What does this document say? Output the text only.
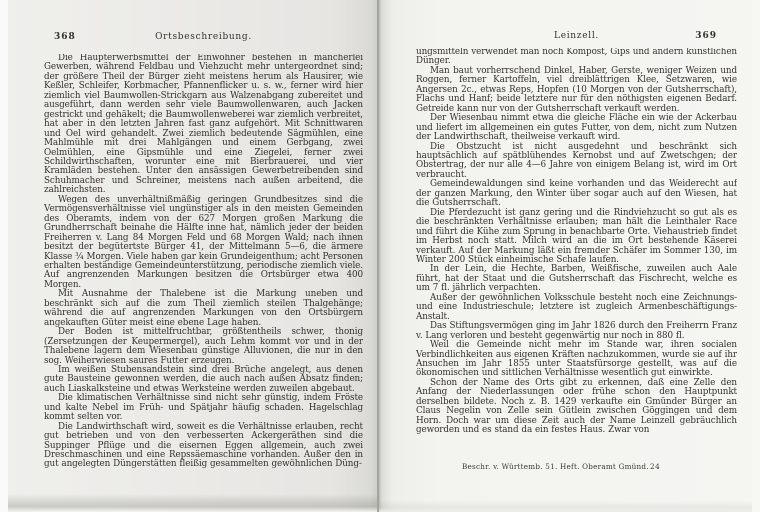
368	Ortsbeschreibung.	Leinzell.	369

Die Haupterwerbsmittel der Einwohner bestehen in mancherlei Gewerben, während Feldbau und Viehzucht mehr untergeordnet sind; der größere Theil der Bürger zieht meistens herum als Hausirer, wie Keßler, Schleifer, Korbmacher, Pfannenflicker u. s. w., ferner wird hier ziemlich viel Baumwollen-Strickgarn aus Walzenabgang zubereitet und ausgeführt, dann werden sehr viele Baumwollenwaren, auch Jacken gestrickt und gehäkelt; die Baumwollenweberei war ziemlich verbreitet, hat aber in den letzten Jahren fast ganz aufgehört. Mit Schnittwaren und Oel wird gehandelt. Zwei ziemlich bedeutende Sägmühlen, eine Mahlmühle mit drei Mahlgängen und einem Gerbgang, zwei Oelmühlen, eine Gipsmühle und eine Ziegelei, ferner zwei Schildwirthschaften, worunter eine mit Bierbrauerei, und vier Kramläden bestehen. Unter den ansässigen Gewerbetreibenden sind Schuhmacher und Schreiner, meistens nach außen arbeitend, die zahlreichsten.

Wegen des unverhältnißmäßig geringen Grundbesitzes sind die Vermögensverhältnisse viel ungünstiger als in den meisten Gemeinden des Oberamts, indem von der 627 Morgen großen Markung die Grundherrschaft beinahe die Hälfte inne hat, nämlich jeder der beiden Freiherren v. Lang 84 Morgen Feld und 68 Morgen Wald; nach ihnen besitzt der begütertste Bürger 41, der Mittelmann 5—6, die ärmere Klasse ¾ Morgen. Viele haben gar kein Grundeigenthum; acht Personen erhalten beständige Gemeindeunterstützung, periodische ziemlich viele. Auf angrenzenden Markungen besitzen die Ortsbürger etwa 400 Morgen.

Mit Ausnahme der Thalebene ist die Markung uneben und beschränkt sich auf die zum Theil ziemlich steilen Thalgehänge; während die auf angrenzenden Markungen von den Ortsbürgern angekauften Güter meist eine ebene Lage haben.

Der Boden ist mittelfruchtbar, größtentheils schwer, thonig (Zersetzungen der Keupermergel), auch Lehm kommt vor und in der Thalebene lagern dem Wiesenbau günstige Alluvionen, die nur in den sog. Weiherwiesen saures Futter erzeugen.

Im weißen Stubensandstein sind drei Brüche angelegt, aus denen gute Bausteine gewonnen werden, die auch nach außen Absatz finden; auch Liaskalksteine und etwas Werksteine werden zuweilen abgebaut.

Die klimatischen Verhältnisse sind nicht sehr günstig, indem Fröste und kalte Nebel im Früh- und Spätjahr häufig schaden. Hagelschlag kommt selten vor.

Die Landwirthschaft wird, soweit es die Verhältnisse erlauben, recht gut betrieben und von den verbesserten Ackergeräthen sind die Suppinger Pflüge und die eisernen Eggen allgemein, auch zwei Dreschmaschinen und eine Repssäemaschine vorhanden. Außer den in gut angelegten Düngerstätten fleißig gesammelten gewöhnlichen Düng-

ungsmitteln verwendet man noch Kompost, Gips und andern künstlichen Dünger.

Man baut vorherrschend Dinkel, Haber, Gerste, weniger Weizen und Roggen, ferner Kartoffeln, viel dreiblättrigen Klee, Setzwaren, wie Angersen 2c., etwas Reps, Hopfen (10 Morgen von der Gutsherrschaft), Flachs und Hanf; beide letztere nur für den nöthigsten eigenen Bedarf. Getreide kann nur von der Gutsherrschaft verkauft werden.

Der Wiesenbau nimmt etwa die gleiche Fläche ein wie der Ackerbau und liefert im allgemeinen ein gutes Futter, von dem, nicht zum Nutzen der Landwirthschaft, theilweise verkauft wird.

Die Obstzucht ist nicht ausgedehnt und beschränkt sich hauptsächlich auf spätblühendes Kernobst und auf Zwetschgen; der Obstertrag, der nur alle 4—6 Jahre von einigem Belang ist, wird im Ort verbraucht.

Gemeindewaldungen sind keine vorhanden und das Weiderecht auf der ganzen Markung, den Winter über sogar auch auf den Wiesen, hat die Gutsherrschaft.

Die Pferdezucht ist ganz gering und die Rindviehzucht so gut als es die beschränkten Verhältnisse erlauben; man hält die Leinthaler Race und führt die Kühe zum Sprung in benachbarte Orte. Viehaustrieb findet im Herbst noch statt. Milch wird an die im Ort bestehende Käserei verkauft. Auf der Markung läßt ein fremder Schäfer im Sommer 130, im Winter 200 Stück einheimische Schafe laufen.

In der Lein, die Hechte, Barben, Weißfische, zuweilen auch Aale führt, hat der Staat und die Gutsherrschaft das Fischrecht, welche es um 7 fl. jährlich verpachten.

Außer der gewöhnlichen Volksschule besteht noch eine Zeichnungs- und eine Industrieschule; letztere ist zugleich Armenbeschäftigungs-Anstalt.

Das Stiftungsvermögen ging im Jahr 1826 durch den Freiherrn Franz v. Lang verloren und besteht gegenwärtig nur noch in 880 fl.

Weil die Gemeinde nicht mehr im Stande war, ihren socialen Verbindlichkeiten aus eigenen Kräften nachzukommen, wurde sie auf ihr Ansuchen im Jahr 1855 unter Staatsfürsorge gestellt, was auf die ökonomischen und sittlichen Verhältnisse wesentlich gut einwirkte.

Schon der Name des Orts gibt zu erkennen, daß eine Zelle den Anfang der Niederlassungen oder frühe schon den Hauptpunkt derselben bildete. Noch z. B. 1429 verkaufte ein Gmünder Bürger an Claus Negelin von Zelle sein Gütlein zwischen Göggingen und dem Horn. Doch war um diese Zeit auch der Name Leinzell gebräuchlich geworden und es stand da ein festes Haus. Zwar von

Beschr. v. Württemb. 51. Heft. Oberamt Gmünd. 24
